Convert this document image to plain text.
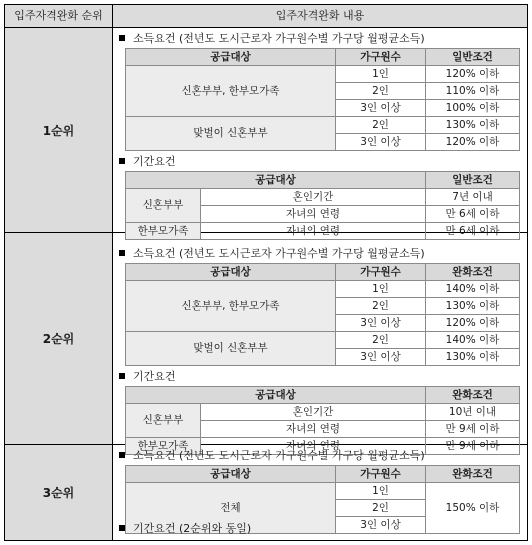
입주자격완화 순위	입주자격완화 내용
1순위
소득요건 (전년도 도시근로자 가구원수별 가구당 월평균소득)
공급대상	가구원수	일반조건
신혼부부, 한부모가족	1인	120% 이하
	2인	110% 이하
	3인 이상	100% 이하
맞벌이 신혼부부	2인	130% 이하
	3인 이상	120% 이하
기간요건
공급대상		일반조건
신혼부부	혼인기간	7년 이내
	자녀의 연령	만 6세 이하
한부모가족	자녀의 연령	만 6세 이하
2순위
소득요건 (전년도 도시근로자 가구원수별 가구당 월평균소득)
공급대상	가구원수	완화조건
신혼부부, 한부모가족	1인	140% 이하
	2인	130% 이하
	3인 이상	120% 이하
맞벌이 신혼부부	2인	140% 이하
	3인 이상	130% 이하
기간요건
공급대상		완화조건
신혼부부	혼인기간	10년 이내
	자녀의 연령	만 9세 이하
한부모가족	자녀의 연령	만 9세 이하
3순위
소득요건 (전년도 도시근로자 가구원수별 가구당 월평균소득)
공급대상	가구원수	완화조건
전체	1인	150% 이하
	2인	
	3인 이상	
기간요건 (2순위와 동일)
